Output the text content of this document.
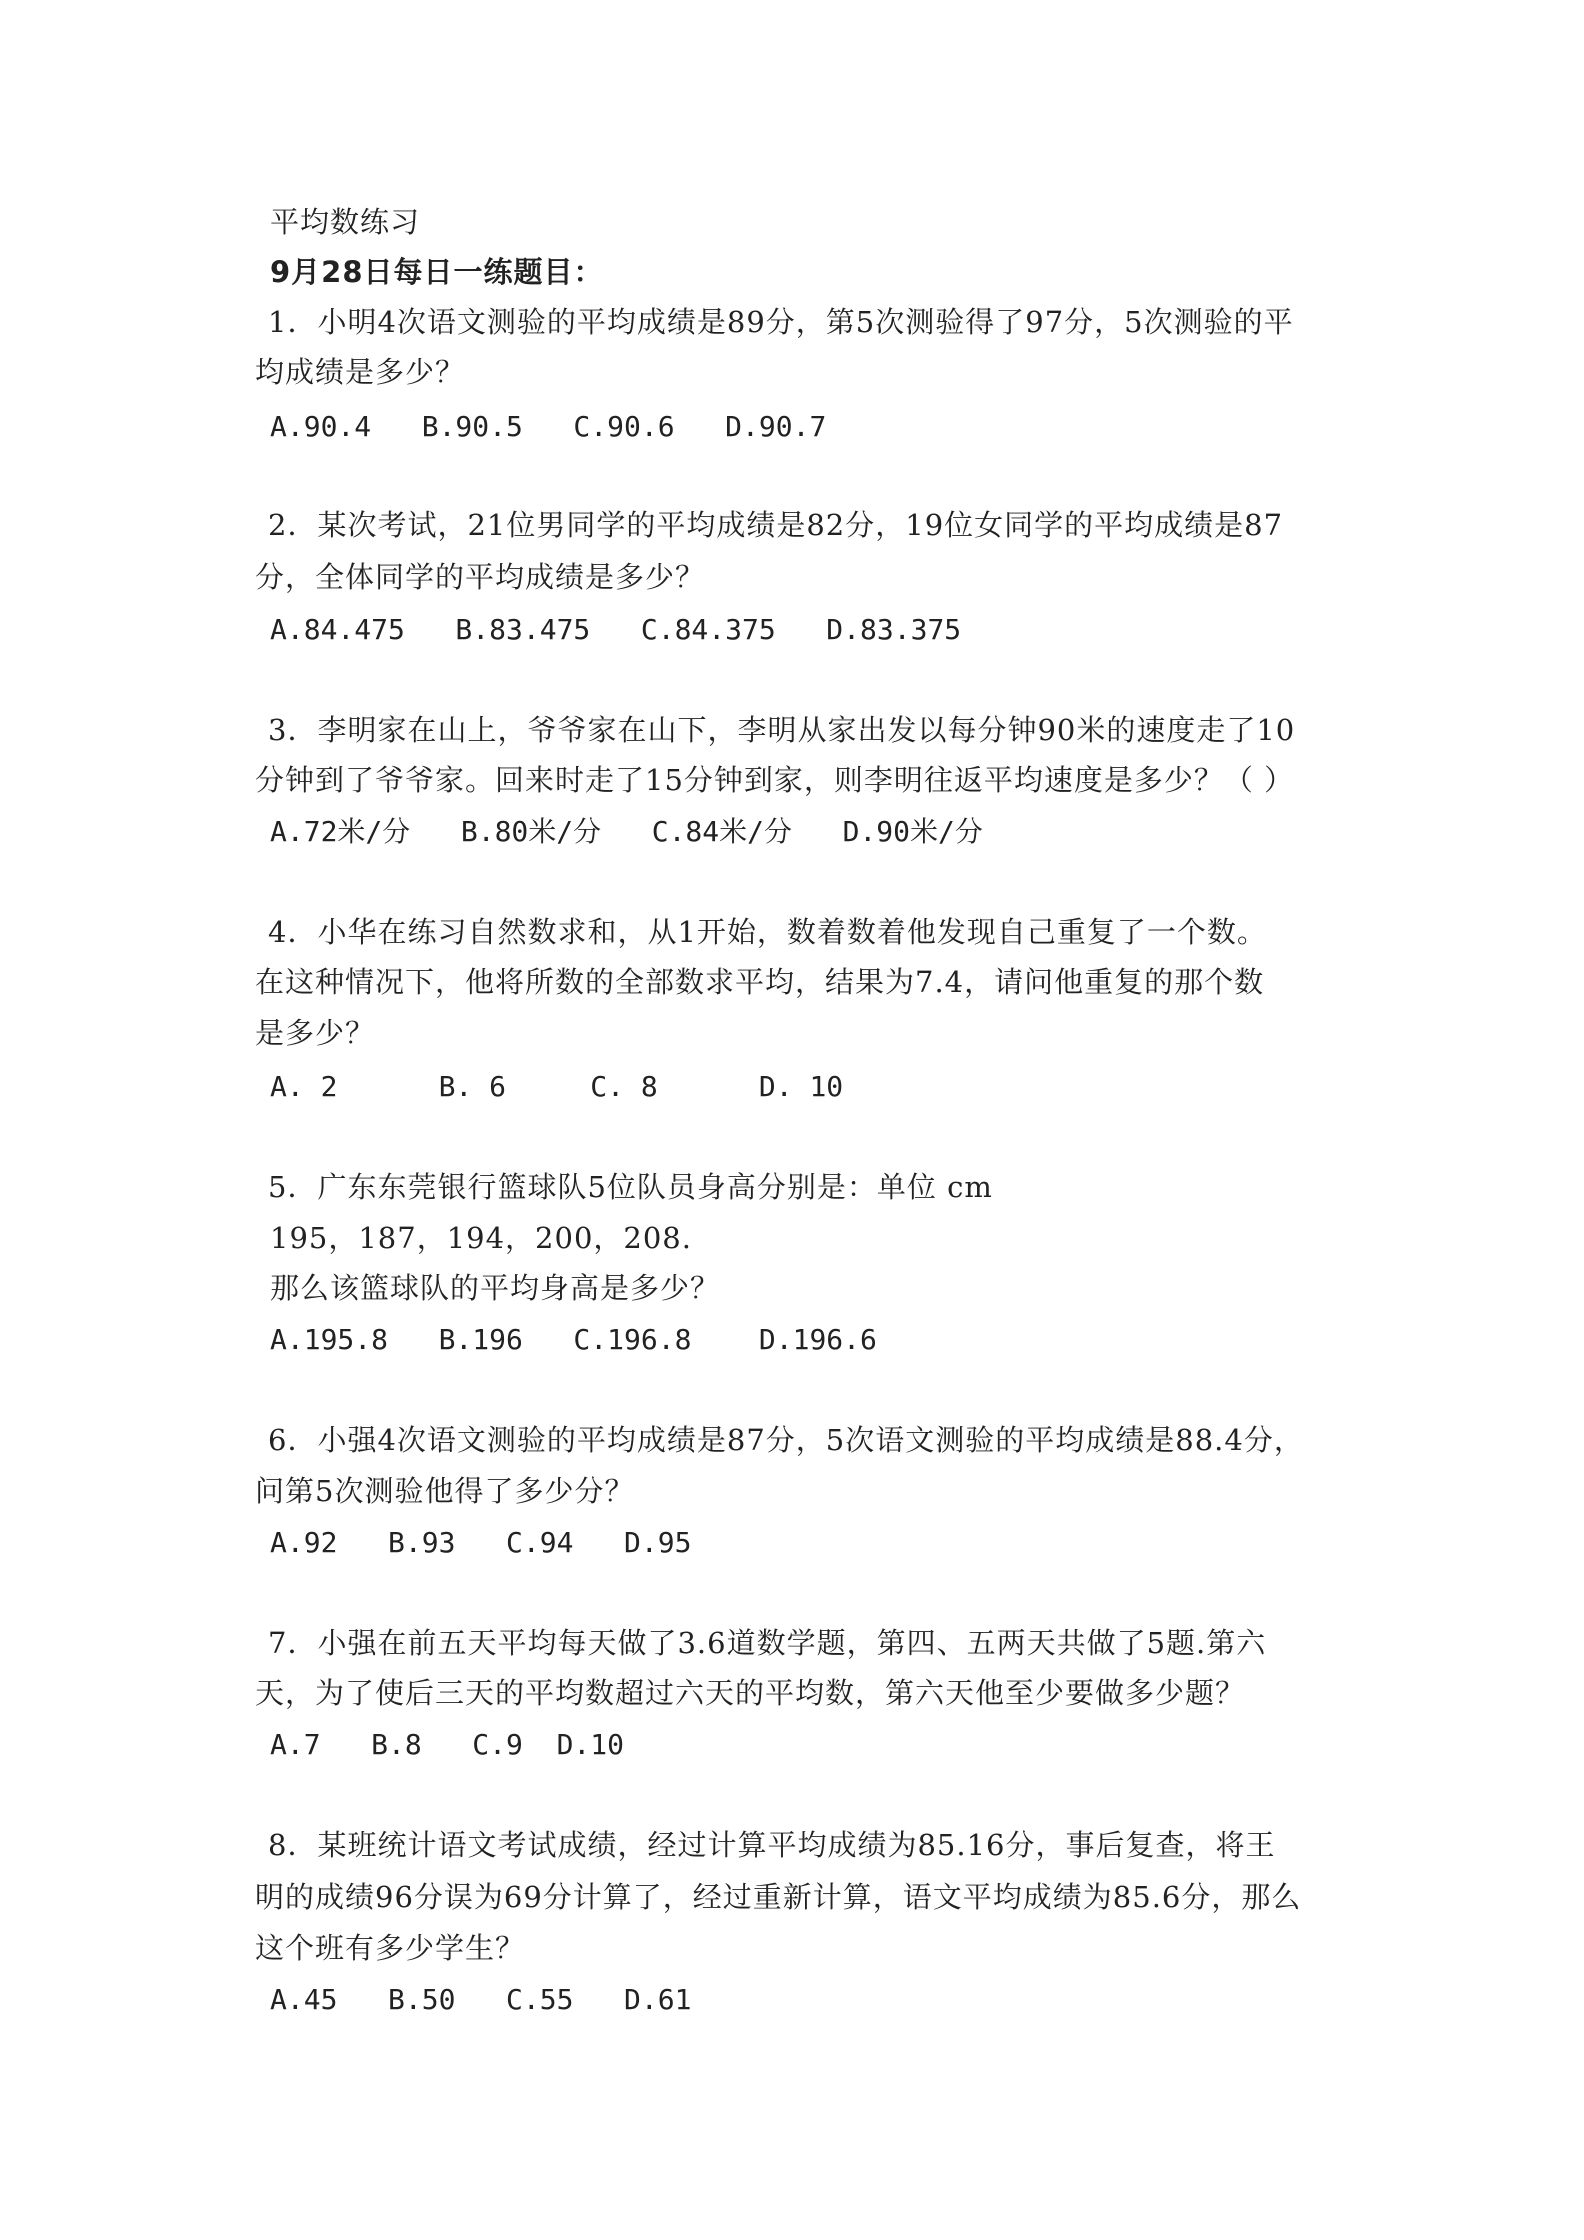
平均数练习
9月28日每日一练题目：
1．小明4次语文测验的平均成绩是89分，第5次测验得了97分，5次测验的平
均成绩是多少？
A.90.4   B.90.5   C.90.6   D.90.7
2．某次考试，21位男同学的平均成绩是82分，19位女同学的平均成绩是87
分，全体同学的平均成绩是多少？
A.84.475   B.83.475   C.84.375   D.83.375
3．李明家在山上，爷爷家在山下，李明从家出发以每分钟90米的速度走了10
分钟到了爷爷家。回来时走了15分钟到家，则李明往返平均速度是多少？（ ）
A.72米/分   B.80米/分   C.84米/分   D.90米/分
4．小华在练习自然数求和，从1开始，数着数着他发现自己重复了一个数。
在这种情况下，他将所数的全部数求平均，结果为7.4，请问他重复的那个数
是多少？
A. 2      B. 6     C. 8      D. 10
5．广东东莞银行篮球队5位队员身高分别是：单位 cm
195，187，194，200，208.
那么该篮球队的平均身高是多少？
A.195.8   B.196   C.196.8    D.196.6
6．小强4次语文测验的平均成绩是87分，5次语文测验的平均成绩是88.4分，
问第5次测验他得了多少分？
A.92   B.93   C.94   D.95
7．小强在前五天平均每天做了3.6道数学题，第四、五两天共做了5题.第六
天，为了使后三天的平均数超过六天的平均数，第六天他至少要做多少题？
A.7   B.8   C.9  D.10
8．某班统计语文考试成绩，经过计算平均成绩为85.16分，事后复查，将王
明的成绩96分误为69分计算了，经过重新计算，语文平均成绩为85.6分，那么
这个班有多少学生？
A.45   B.50   C.55   D.61
